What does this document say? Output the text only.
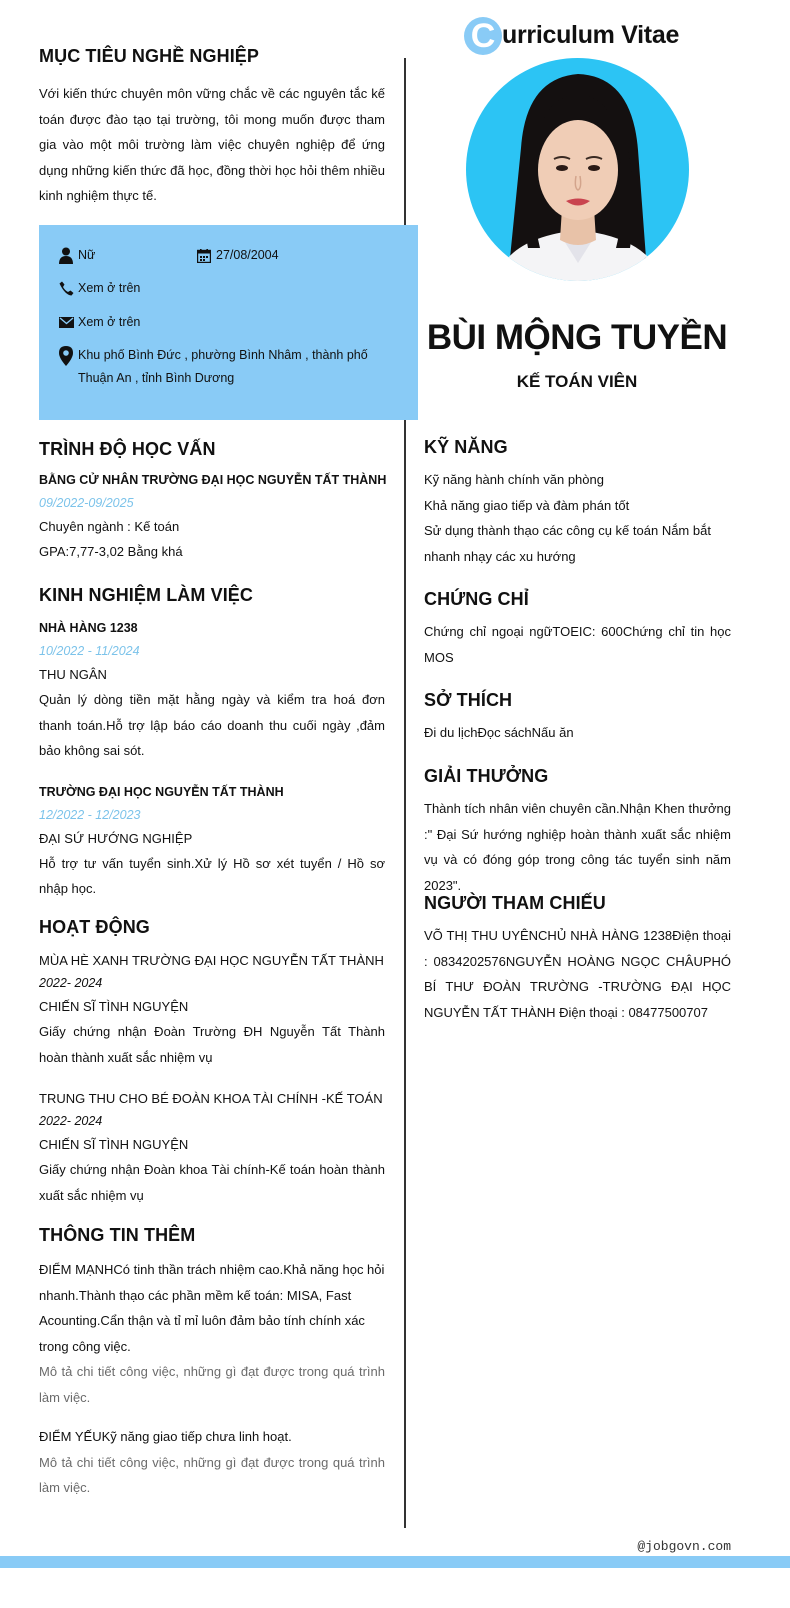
C urriculum Vitae
BÙI MỘNG TUYỀN
KẾ TOÁN VIÊN
MỤC TIÊU NGHỀ NGHIỆP

Với kiến thức chuyên môn vững chắc về các nguyên tắc kế toán được đào tạo tại trường, tôi mong muốn được tham gia vào một môi trường làm việc chuyên nghiệp để ứng dụng những kiến thức đã học, đồng thời học hỏi thêm nhiều kinh nghiệm thực tế.

Nữ	27/08/2004
Xem ở trên
Xem ở trên
Khu phố Bình Đức , phường Bình Nhâm , thành phố
Thuận An , tỉnh Bình Dương
TRÌNH ĐỘ HỌC VẤN
BẰNG CỬ NHÂN TRƯỜNG ĐẠI HỌC NGUYỄN TẤT THÀNH
09/2022-09/2025
Chuyên ngành : Kế toán
GPA:7,77-3,02 Bằng khá
KINH NGHIỆM LÀM VIỆC
NHÀ HÀNG 1238
10/2022 - 11/2024
THU NGÂN

Quản lý dòng tiền mặt hằng ngày và kiểm tra hoá đơn thanh toán.Hỗ trợ lập báo cáo doanh thu cuối ngày ,đảm bảo không sai sót.

TRƯỜNG ĐẠI HỌC NGUYỄN TẤT THÀNH
12/2022 - 12/2023
ĐẠI SỨ HƯỚNG NGHIỆP

Hỗ trợ tư vấn tuyển sinh.Xử lý Hồ sơ xét tuyển / Hồ sơ nhập học.

HOẠT ĐỘNG
MÙA HÈ XANH TRƯỜNG ĐẠI HỌC NGUYỄN TẤT THÀNH
2022- 2024
CHIẾN SĨ TÌNH NGUYỆN

Giấy chứng nhận Đoàn Trường ĐH Nguyễn Tất Thành hoàn thành xuất sắc nhiệm vụ

TRUNG THU CHO BÉ ĐOÀN KHOA TÀI CHÍNH -KẾ TOÁN
2022- 2024
CHIẾN SĨ TÌNH NGUYỆN

Giấy chứng nhận Đoàn khoa Tài chính-Kế toán hoàn thành xuất sắc nhiệm vụ

THÔNG TIN THÊM

ĐIỂM MẠNHCó tinh thần trách nhiệm cao.Khả năng học hỏi nhanh.Thành thạo các phần mềm kế toán: MISA, Fast Acounting.Cẩn thận và tỉ mỉ luôn đảm bảo tính chính xác trong công việc.

Mô tả chi tiết công việc, những gì đạt được trong quá trình làm việc.

ĐIỂM YẾUKỹ năng giao tiếp chưa linh hoạt.

Mô tả chi tiết công việc, những gì đạt được trong quá trình làm việc.

KỸ NĂNG
Kỹ năng hành chính văn phòng
Khả năng giao tiếp và đàm phán tốt
Sử dụng thành thạo các công cụ kế toán Nắm bắt
nhanh nhạy các xu hướng
CHỨNG CHỈ

Chứng chỉ ngoại ngữTOEIC: 600Chứng chỉ tin học MOS

SỞ THÍCH

Đi du lịchĐọc sáchNấu ăn

GIẢI THƯỞNG

Thành tích nhân viên chuyên cần.Nhận Khen thưởng :" Đại Sứ hướng nghiệp hoàn thành xuất sắc nhiệm vụ và có đóng góp trong công tác tuyển sinh năm 2023".

NGƯỜI THAM CHIẾU

VÕ THỊ THU UYÊNCHỦ NHÀ HÀNG 1238Điện thoại : 0834202576NGUYỄN HOÀNG NGỌC CHÂUPHÓ BÍ THƯ ĐOÀN TRƯỜNG -TRƯỜNG ĐẠI HỌC NGUYỄN TẤT THÀNH Điện thoại : 08477500707

@jobgovn.com
